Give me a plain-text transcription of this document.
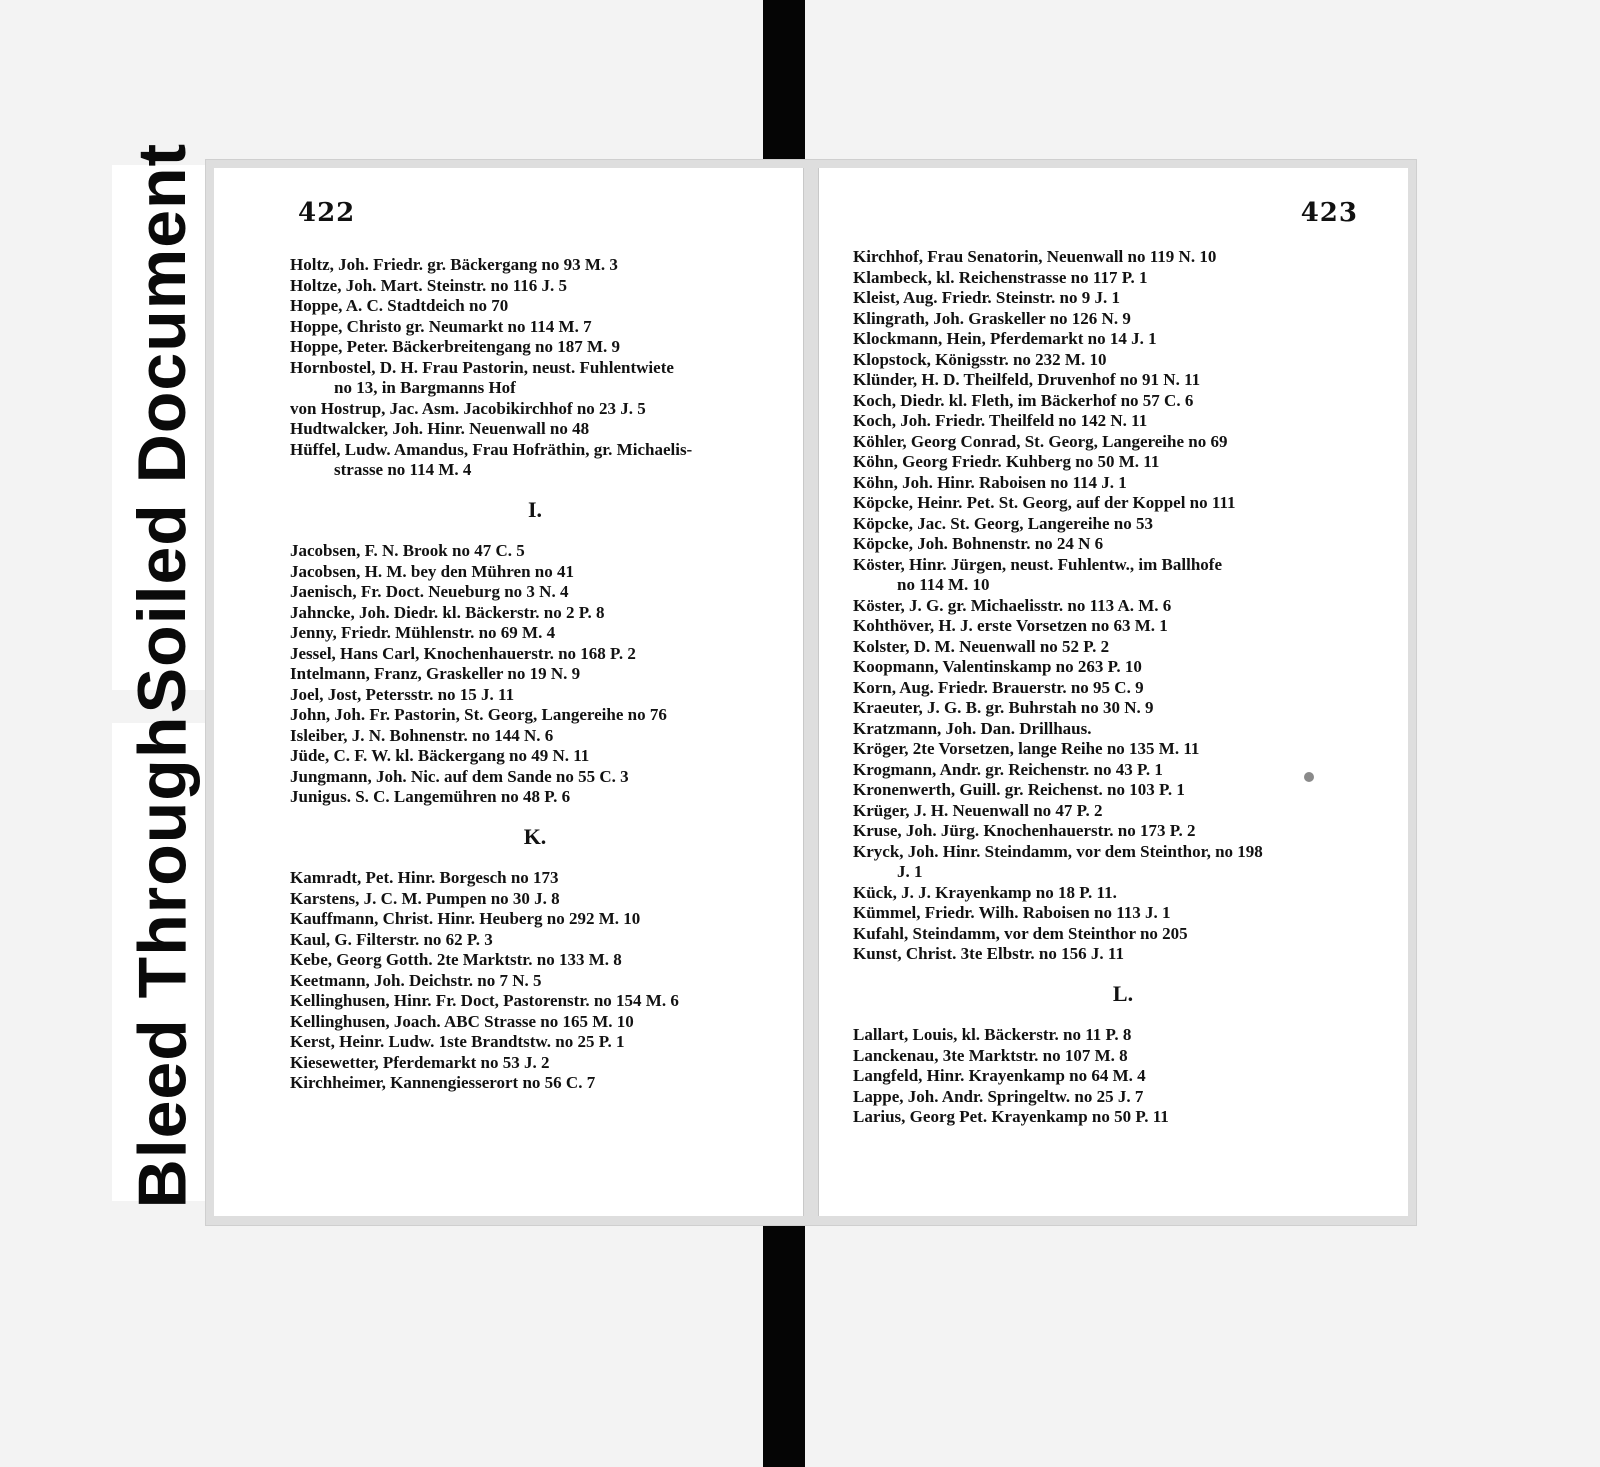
Soiled Document
Bleed Through
422
Holtz, Joh. Friedr. gr. Bäckergang no 93 M. 3
Holtze, Joh. Mart. Steinstr. no 116 J. 5
Hoppe, A. C. Stadtdeich no 70
Hoppe, Christo gr. Neumarkt no 114 M. 7
Hoppe, Peter. Bäckerbreitengang no 187 M. 9
Hornbostel, D. H. Frau Pastorin, neust. Fuhlentwiete
no 13, in Bargmanns Hof
von Hostrup, Jac. Asm. Jacobikirchhof no 23 J. 5
Hudtwalcker, Joh. Hinr. Neuenwall no 48
Hüffel, Ludw. Amandus, Frau Hofräthin, gr. Michaelis-
strasse no 114 M. 4
I.
Jacobsen, F. N. Brook no 47 C. 5
Jacobsen, H. M. bey den Mühren no 41
Jaenisch, Fr. Doct. Neueburg no 3 N. 4
Jahncke, Joh. Diedr. kl. Bäckerstr. no 2 P. 8
Jenny, Friedr. Mühlenstr. no 69 M. 4
Jessel, Hans Carl, Knochenhauerstr. no 168 P. 2
Intelmann, Franz, Graskeller no 19 N. 9
Joel, Jost, Petersstr. no 15 J. 11
John, Joh. Fr. Pastorin, St. Georg, Langereihe no 76
Isleiber, J. N. Bohnenstr. no 144 N. 6
Jüde, C. F. W. kl. Bäckergang no 49 N. 11
Jungmann, Joh. Nic. auf dem Sande no 55 C. 3
Junigus. S. C. Langemühren no 48 P. 6
K.
Kamradt, Pet. Hinr. Borgesch no 173
Karstens, J. C. M. Pumpen no 30 J. 8
Kauffmann, Christ. Hinr. Heuberg no 292 M. 10
Kaul, G. Filterstr. no 62 P. 3
Kebe, Georg Gotth. 2te Marktstr. no 133 M. 8
Keetmann, Joh. Deichstr. no 7 N. 5
Kellinghusen, Hinr. Fr. Doct, Pastorenstr. no 154 M. 6
Kellinghusen, Joach. ABC Strasse no 165 M. 10
Kerst, Heinr. Ludw. 1ste Brandtstw. no 25 P. 1
Kiesewetter, Pferdemarkt no 53 J. 2
Kirchheimer, Kannengiesserort no 56 C. 7
423
Kirchhof, Frau Senatorin, Neuenwall no 119 N. 10
Klambeck, kl. Reichenstrasse no 117 P. 1
Kleist, Aug. Friedr. Steinstr. no 9 J. 1
Klingrath, Joh. Graskeller no 126 N. 9
Klockmann, Hein, Pferdemarkt no 14 J. 1
Klopstock, Königsstr. no 232 M. 10
Klünder, H. D. Theilfeld, Druvenhof no 91 N. 11
Koch, Diedr. kl. Fleth, im Bäckerhof no 57 C. 6
Koch, Joh. Friedr. Theilfeld no 142 N. 11
Köhler, Georg Conrad, St. Georg, Langereihe no 69
Köhn, Georg Friedr. Kuhberg no 50 M. 11
Köhn, Joh. Hinr. Raboisen no 114 J. 1
Köpcke, Heinr. Pet. St. Georg, auf der Koppel no 111
Köpcke, Jac. St. Georg, Langereihe no 53
Köpcke, Joh. Bohnenstr. no 24 N 6
Köster, Hinr. Jürgen, neust. Fuhlentw., im Ballhofe
no 114 M. 10
Köster, J. G. gr. Michaelisstr. no 113 A. M. 6
Kohthöver, H. J. erste Vorsetzen no 63 M. 1
Kolster, D. M. Neuenwall no 52 P. 2
Koopmann, Valentinskamp no 263 P. 10
Korn, Aug. Friedr. Brauerstr. no 95 C. 9
Kraeuter, J. G. B. gr. Buhrstah no 30 N. 9
Kratzmann, Joh. Dan. Drillhaus.
Kröger, 2te Vorsetzen, lange Reihe no 135 M. 11
Krogmann, Andr. gr. Reichenstr. no 43 P. 1
Kronenwerth, Guill. gr. Reichenst. no 103 P. 1
Krüger, J. H. Neuenwall no 47 P. 2
Kruse, Joh. Jürg. Knochenhauerstr. no 173 P. 2
Kryck, Joh. Hinr. Steindamm, vor dem Steinthor, no 198
J. 1
Kück, J. J. Krayenkamp no 18 P. 11.
Kümmel, Friedr. Wilh. Raboisen no 113 J. 1
Kufahl, Steindamm, vor dem Steinthor no 205
Kunst, Christ. 3te Elbstr. no 156 J. 11
L.
Lallart, Louis, kl. Bäckerstr. no 11 P. 8
Lanckenau, 3te Marktstr. no 107 M. 8
Langfeld, Hinr. Krayenkamp no 64 M. 4
Lappe, Joh. Andr. Springeltw. no 25 J. 7
Larius, Georg Pet. Krayenkamp no 50 P. 11
